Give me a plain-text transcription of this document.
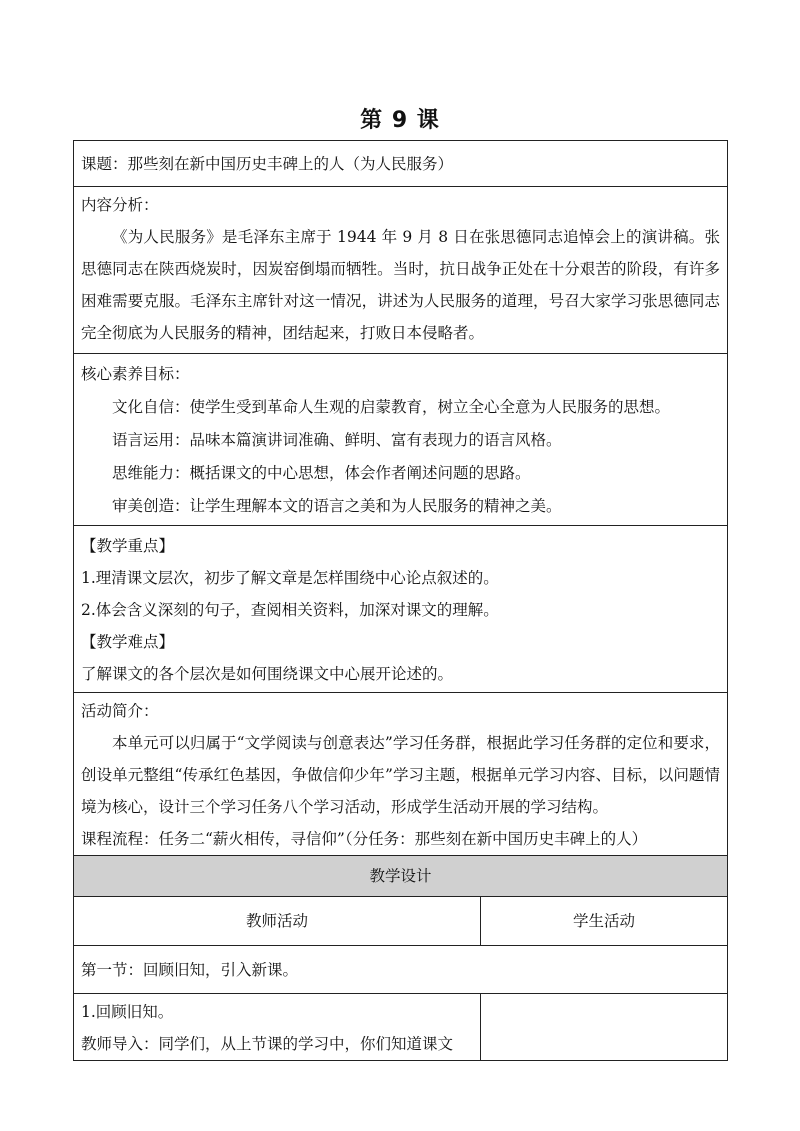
第 9 课
课题：那些刻在新中国历史丰碑上的人（为人民服务）	

内容分析：

《为人民服务》是毛泽东主席于 1944 年 9 月 8 日在张思德同志追悼会上的演讲稿。张思德同志在陕西烧炭时，因炭窑倒塌而牺牲。当时，抗日战争正处在十分艰苦的阶段，有许多困难需要克服。毛泽东主席针对这一情况，讲述为人民服务的道理，号召大家学习张思德同志完全彻底为人民服务的精神，团结起来，打败日本侵略者。	

核心素养目标：

文化自信：使学生受到革命人生观的启蒙教育，树立全心全意为人民服务的思想。

语言运用：品味本篇演讲词准确、鲜明、富有表现力的语言风格。

思维能力：概括课文的中心思想，体会作者阐述问题的思路。

审美创造：让学生理解本文的语言之美和为人民服务的精神之美。	

【教学重点】

1.理清课文层次，初步了解文章是怎样围绕中心论点叙述的。

2.体会含义深刻的句子，查阅相关资料，加深对课文的理解。

【教学难点】

了解课文的各个层次是如何围绕课文中心展开论述的。	

活动简介：

本单元可以归属于“文学阅读与创意表达”学习任务群，根据此学习任务群的定位和要求，创设单元整组“传承红色基因，争做信仰少年”学习主题，根据单元学习内容、目标，以问题情境为核心，设计三个学习任务八个学习活动，形成学生活动开展的学习结构。

课程流程：任务二“薪火相传，寻信仰”（分任务：那些刻在新中国历史丰碑上的人）	

教学设计	
教师活动	学生活动
第一节：回顾旧知，引入新课。	

1.回顾旧知。

教师导入：同学们，从上节课的学习中，你们知道课文	
